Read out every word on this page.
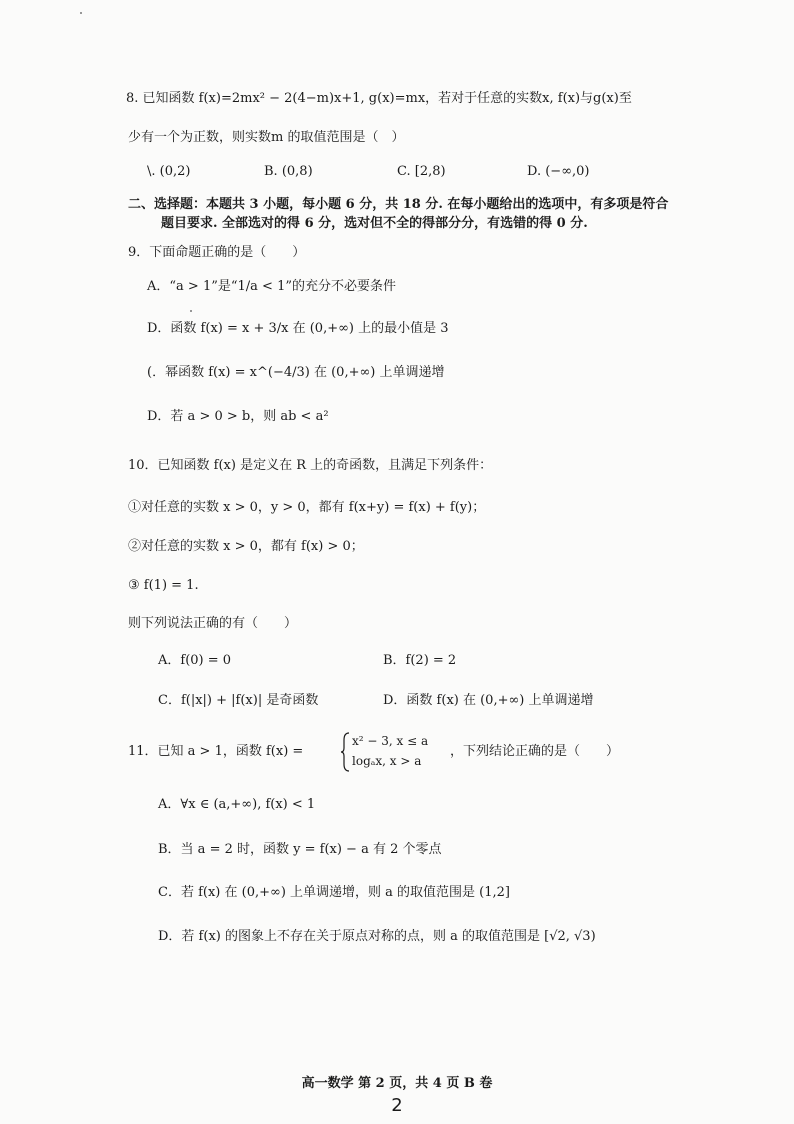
8. 已知函数 f(x)=2mx² − 2(4−m)x+1, g(x)=mx，若对于任意的实数x, f(x)与g(x)至
少有一个为正数，则实数m 的取值范围是（　）
\. (0,2)	B. (0,8)	C. [2,8)	D. (−∞,0)
二、选择题：本题共 3 小题，每小题 6 分，共 18 分. 在每小题给出的选项中，有多项是符合
题目要求. 全部选对的得 6 分，选对但不全的得部分分，有选错的得 0 分.
9．下面命题正确的是（　　）
A．“a > 1”是“1/a < 1”的充分不必要条件
D．函数 f(x) = x + 3/x 在 (0,+∞) 上的最小值是 3
(．幂函数 f(x) = x^(−4/3) 在 (0,+∞) 上单调递增
D．若 a > 0 > b，则 ab < a²
10．已知函数 f(x) 是定义在 R 上的奇函数，且满足下列条件：
①对任意的实数 x > 0，y > 0，都有 f(x+y) = f(x) + f(y)；
②对任意的实数 x > 0，都有 f(x) > 0；
③ f(1) = 1.
则下列说法正确的有（　　）
A．f(0) = 0	B．f(2) = 2
C．f(|x|) + |f(x)| 是奇函数	D．函数 f(x) 在 (0,+∞) 上单调递增
11．已知 a > 1，函数 f(x) =
x² − 3, x ≤ a
logₐx, x > a
，下列结论正确的是（　　）
A．∀x ∈ (a,+∞), f(x) < 1
B．当 a = 2 时，函数 y = f(x) − a 有 2 个零点
C．若 f(x) 在 (0,+∞) 上单调递增，则 a 的取值范围是 (1,2]
D．若 f(x) 的图象上不存在关于原点对称的点，则 a 的取值范围是 [√2, √3)
高一数学 第 2 页，共 4 页 B 卷
2
